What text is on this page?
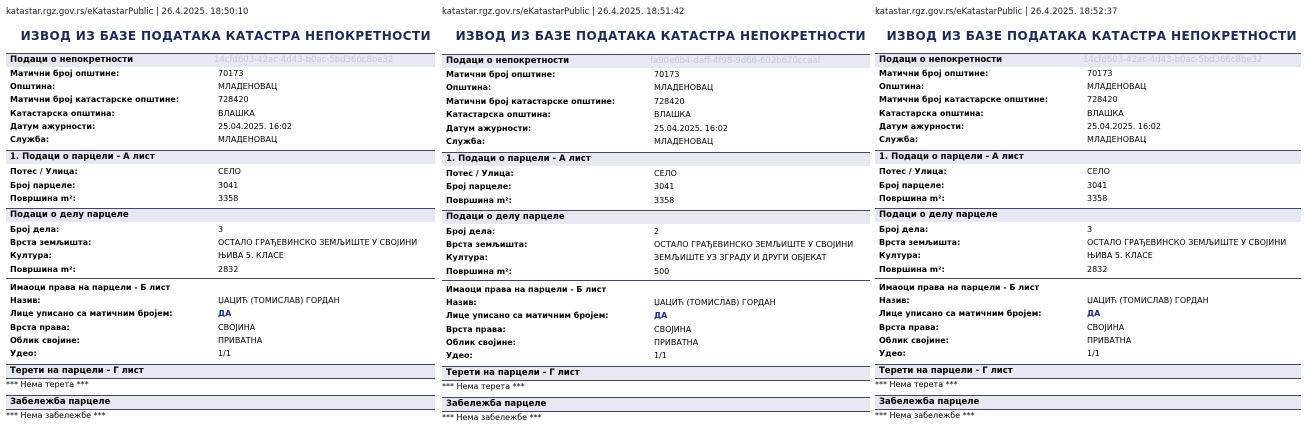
katastar.rgz.gov.rs/eKatastarPublic | 26.4.2025. 18:50:10
ИЗВОД ИЗ БАЗЕ ПОДАТАКА КАТАСТРА НЕПОКРЕТНОСТИ
Подаци о непокретности	14cfd603-42ac-4d43-b0ac-5bd366c8be32
Матични број општине:	70173
Општина:	МЛАДЕНОВАЦ
Матични број катастарске општине:	728420
Катастарска општина:	ВЛАШКА
Датум ажурности:	25.04.2025. 16:02
Служба:	МЛАДЕНОВАЦ
1. Подаци о парцели - А лист
Потес / Улица:	СЕЛО
Број парцеле:	3041
Површина m²:	3358
Подаци о делу парцеле
Број дела:	3
Врста земљишта:	ОСТАЛО ГРАЂЕВИНСКО ЗЕМЉИШТЕ У СВОЈИНИ
Култура:	ЊИВА 5. КЛАСЕ
Површина m²:	2832
Имаоци права на парцели - Б лист
Назив:	ЏАЦИЋ (ТОМИСЛАВ) ГОРДАН
Лице уписано са матичним бројем:	ДА
Врста права:	СВОЈИНА
Облик својине:	ПРИВАТНА
Удео:	1/1
Терети на парцели - Г лист
*** Нема терета ***
Забележба парцеле
*** Нема забележбе ***
katastar.rgz.gov.rs/eKatastarPublic | 26.4.2025. 18:51:42
ИЗВОД ИЗ БАЗЕ ПОДАТАКА КАТАСТРА НЕПОКРЕТНОСТИ
Подаци о непокретности	fa90e6b4-daff-4f98-9d66-602b670ccaaf
Матични број општине:	70173
Општина:	МЛАДЕНОВАЦ
Матични број катастарске општине:	728420
Катастарска општина:	ВЛАШКА
Датум ажурности:	25.04.2025. 16:02
Служба:	МЛАДЕНОВАЦ
1. Подаци о парцели - А лист
Потес / Улица:	СЕЛО
Број парцеле:	3041
Површина m²:	3358
Подаци о делу парцеле
Број дела:	2
Врста земљишта:	ОСТАЛО ГРАЂЕВИНСКО ЗЕМЉИШТЕ У СВОЈИНИ
Култура:	ЗЕМЉИШТЕ УЗ ЗГРАДУ И ДРУГИ ОБЈЕКАТ
Површина m²:	500
Имаоци права на парцели - Б лист
Назив:	ЏАЦИЋ (ТОМИСЛАВ) ГОРДАН
Лице уписано са матичним бројем:	ДА
Врста права:	СВОЈИНА
Облик својине:	ПРИВАТНА
Удео:	1/1
Терети на парцели - Г лист
*** Нема терета ***
Забележба парцеле
*** Нема забележбе ***
katastar.rgz.gov.rs/eKatastarPublic | 26.4.2025. 18:52:37
ИЗВОД ИЗ БАЗЕ ПОДАТАКА КАТАСТРА НЕПОКРЕТНОСТИ
Подаци о непокретности	14cfd603-42ac-4d43-b0ac-5bd366c8be32
Матични број општине:	70173
Општина:	МЛАДЕНОВАЦ
Матични број катастарске општине:	728420
Катастарска општина:	ВЛАШКА
Датум ажурности:	25.04.2025. 16:02
Служба:	МЛАДЕНОВАЦ
1. Подаци о парцели - А лист
Потес / Улица:	СЕЛО
Број парцеле:	3041
Површина m²:	3358
Подаци о делу парцеле
Број дела:	3
Врста земљишта:	ОСТАЛО ГРАЂЕВИНСКО ЗЕМЉИШТЕ У СВОЈИНИ
Култура:	ЊИВА 5. КЛАСЕ
Површина m²:	2832
Имаоци права на парцели - Б лист
Назив:	ЏАЦИЋ (ТОМИСЛАВ) ГОРДАН
Лице уписано са матичним бројем:	ДА
Врста права:	СВОЈИНА
Облик својине:	ПРИВАТНА
Удео:	1/1
Терети на парцели - Г лист
*** Нема терета ***
Забележба парцеле
*** Нема забележбе ***
